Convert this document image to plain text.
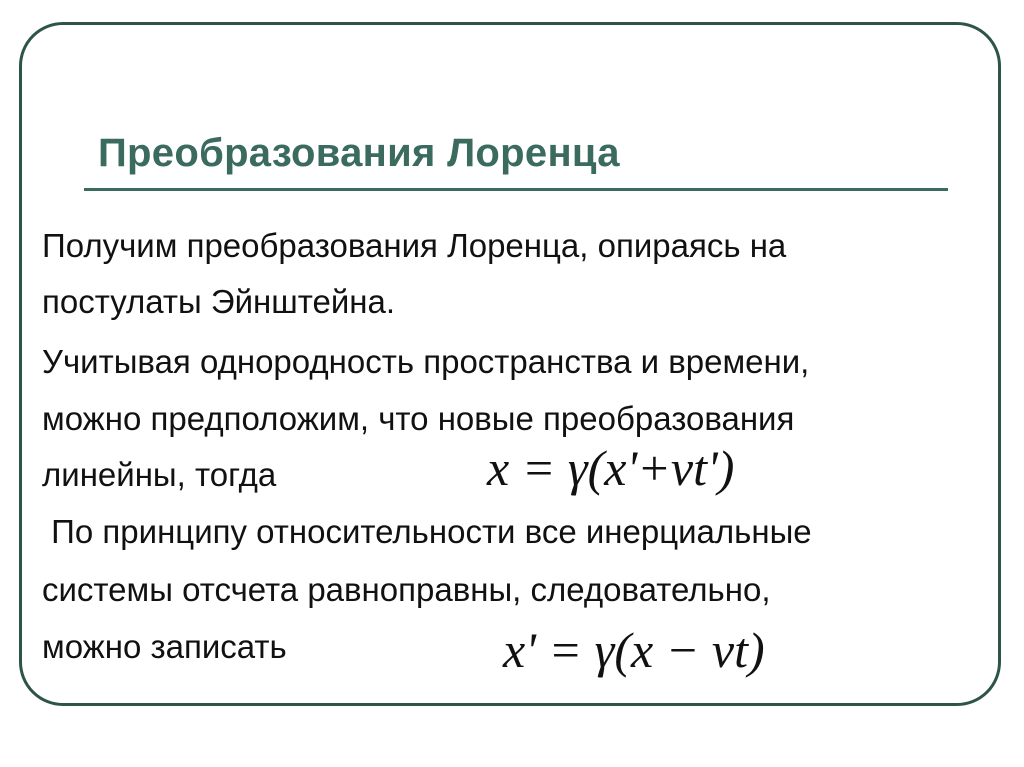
Преобразования Лоренца

Получим преобразования Лоренца, опираясь на

постулаты Эйнштейна.

Учитывая однородность пространства и времени,

можно предположим, что новые преобразования

линейны, тогда

По принципу относительности все инерциальные

системы отсчета равноправны, следовательно,

можно записать

x = γ(x'+vt')
x' = γ(x − vt)
